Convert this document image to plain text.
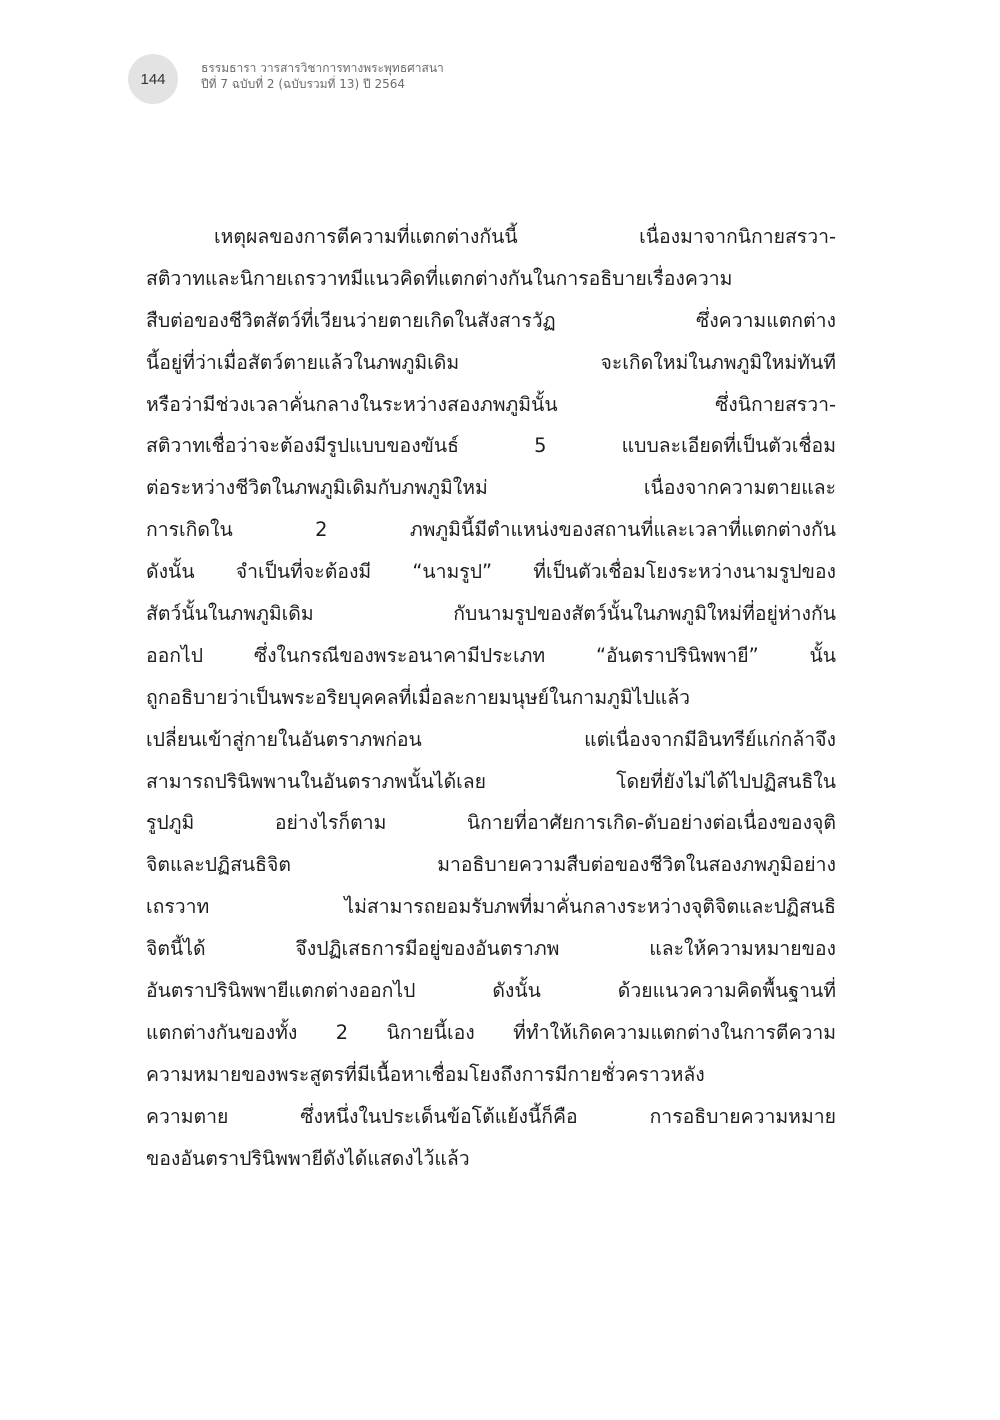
144
ธรรมธารา วารสารวิชาการทางพระพุทธศาสนา
ปีที่ 7 ฉบับที่ 2 (ฉบับรวมที่ 13) ปี 2564
เหตุผลของการตีความที่แตกต่างกันนี้ เนื่องมาจากนิกายสรวา-
สติวาทและนิกายเถรวาทมีแนวคิดที่แตกต่างกันในการอธิบายเรื่องความ
สืบต่อของชีวิตสัตว์ที่เวียนว่ายตายเกิดในสังสารวัฏ ซึ่งความแตกต่าง
นี้อยู่ที่ว่าเมื่อสัตว์ตายแล้วในภพภูมิเดิม จะเกิดใหม่ในภพภูมิใหม่ทันที
หรือว่ามีช่วงเวลาคั่นกลางในระหว่างสองภพภูมินั้น ซึ่งนิกายสรวา-
สติวาทเชื่อว่าจะต้องมีรูปแบบของขันธ์ 5 แบบละเอียดที่เป็นตัวเชื่อม
ต่อระหว่างชีวิตในภพภูมิเดิมกับภพภูมิใหม่ เนื่องจากความตายและ
การเกิดใน 2 ภพภูมินี้มีตำแหน่งของสถานที่และเวลาที่แตกต่างกัน
ดังนั้น จำเป็นที่จะต้องมี “นามรูป” ที่เป็นตัวเชื่อมโยงระหว่างนามรูปของ
สัตว์นั้นในภพภูมิเดิม กับนามรูปของสัตว์นั้นในภพภูมิใหม่ที่อยู่ห่างกัน
ออกไป ซึ่งในกรณีของพระอนาคามีประเภท “อันตราปรินิพพายี” นั้น
ถูกอธิบายว่าเป็นพระอริยบุคคลที่เมื่อละกายมนุษย์ในกามภูมิไปแล้ว
เปลี่ยนเข้าสู่กายในอันตราภพก่อน แต่เนื่องจากมีอินทรีย์แก่กล้าจึง
สามารถปรินิพพานในอันตราภพนั้นได้เลย โดยที่ยังไม่ได้ไปปฏิสนธิใน
รูปภูมิ อย่างไรก็ตาม นิกายที่อาศัยการเกิด-ดับอย่างต่อเนื่องของจุติ
จิตและปฏิสนธิจิต มาอธิบายความสืบต่อของชีวิตในสองภพภูมิอย่าง
เถรวาท ไม่สามารถยอมรับภพที่มาคั่นกลางระหว่างจุติจิตและปฏิสนธิ
จิตนี้ได้ จึงปฏิเสธการมีอยู่ของอันตราภพ และให้ความหมายของ
อันตราปรินิพพายีแตกต่างออกไป ดังนั้น ด้วยแนวความคิดพื้นฐานที่
แตกต่างกันของทั้ง 2 นิกายนี้เอง ที่ทำให้เกิดความแตกต่างในการตีความ
ความหมายของพระสูตรที่มีเนื้อหาเชื่อมโยงถึงการมีกายชั่วคราวหลัง
ความตาย ซึ่งหนึ่งในประเด็นข้อโต้แย้งนี้ก็คือ การอธิบายความหมาย
ของอันตราปรินิพพายีดังได้แสดงไว้แล้ว
